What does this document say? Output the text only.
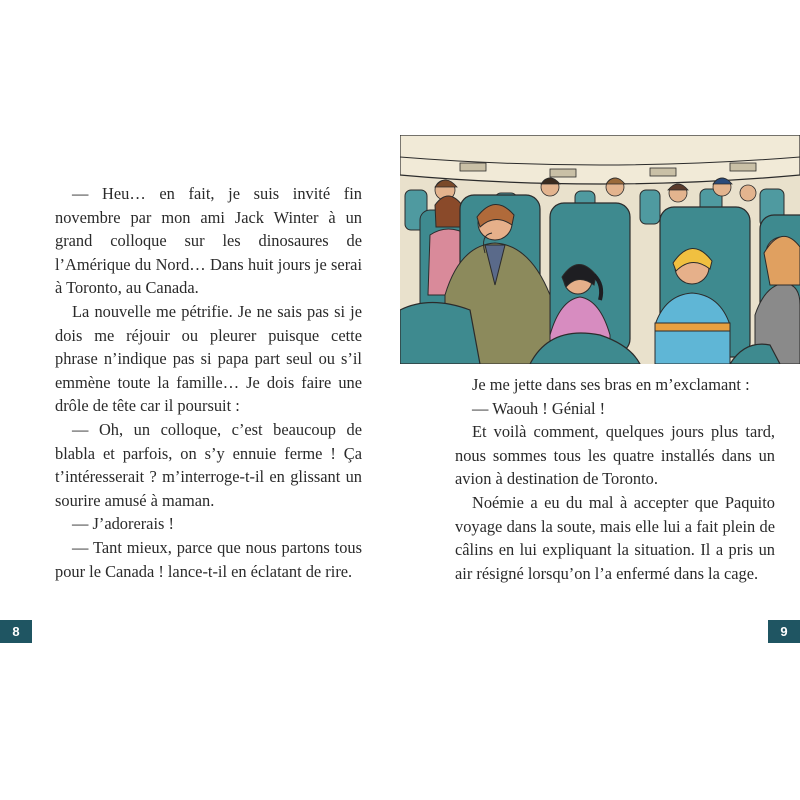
— Heu… en fait, je suis invité fin novembre par mon ami Jack Winter à un grand colloque sur les dinosaures de l’Amérique du Nord… Dans huit jours je serai à Toronto, au Canada.

La nouvelle me pétrifie. Je ne sais pas si je dois me réjouir ou pleurer puisque cette phrase n’indique pas si papa part seul ou s’il emmène toute la famille… Je dois faire une drôle de tête car il poursuit :

— Oh, un colloque, c’est beaucoup de blabla et parfois, on s’y ennuie ferme ! Ça t’intéresserait ? m’interroge-t-il en glissant un sourire amusé à maman.

— J’adorerais !

— Tant mieux, parce que nous partons tous pour le Canada ! lance-t-il en éclatant de rire.

8

Je me jette dans ses bras en m’exclamant :

— Waouh ! Génial !

Et voilà comment, quelques jours plus tard, nous sommes tous les quatre installés dans un avion à destination de Toronto.

Noémie a eu du mal à accepter que Paquito voyage dans la soute, mais elle lui a fait plein de câlins en lui expliquant la situation. Il a pris un air résigné lorsqu’on l’a enfermé dans la cage.

9
